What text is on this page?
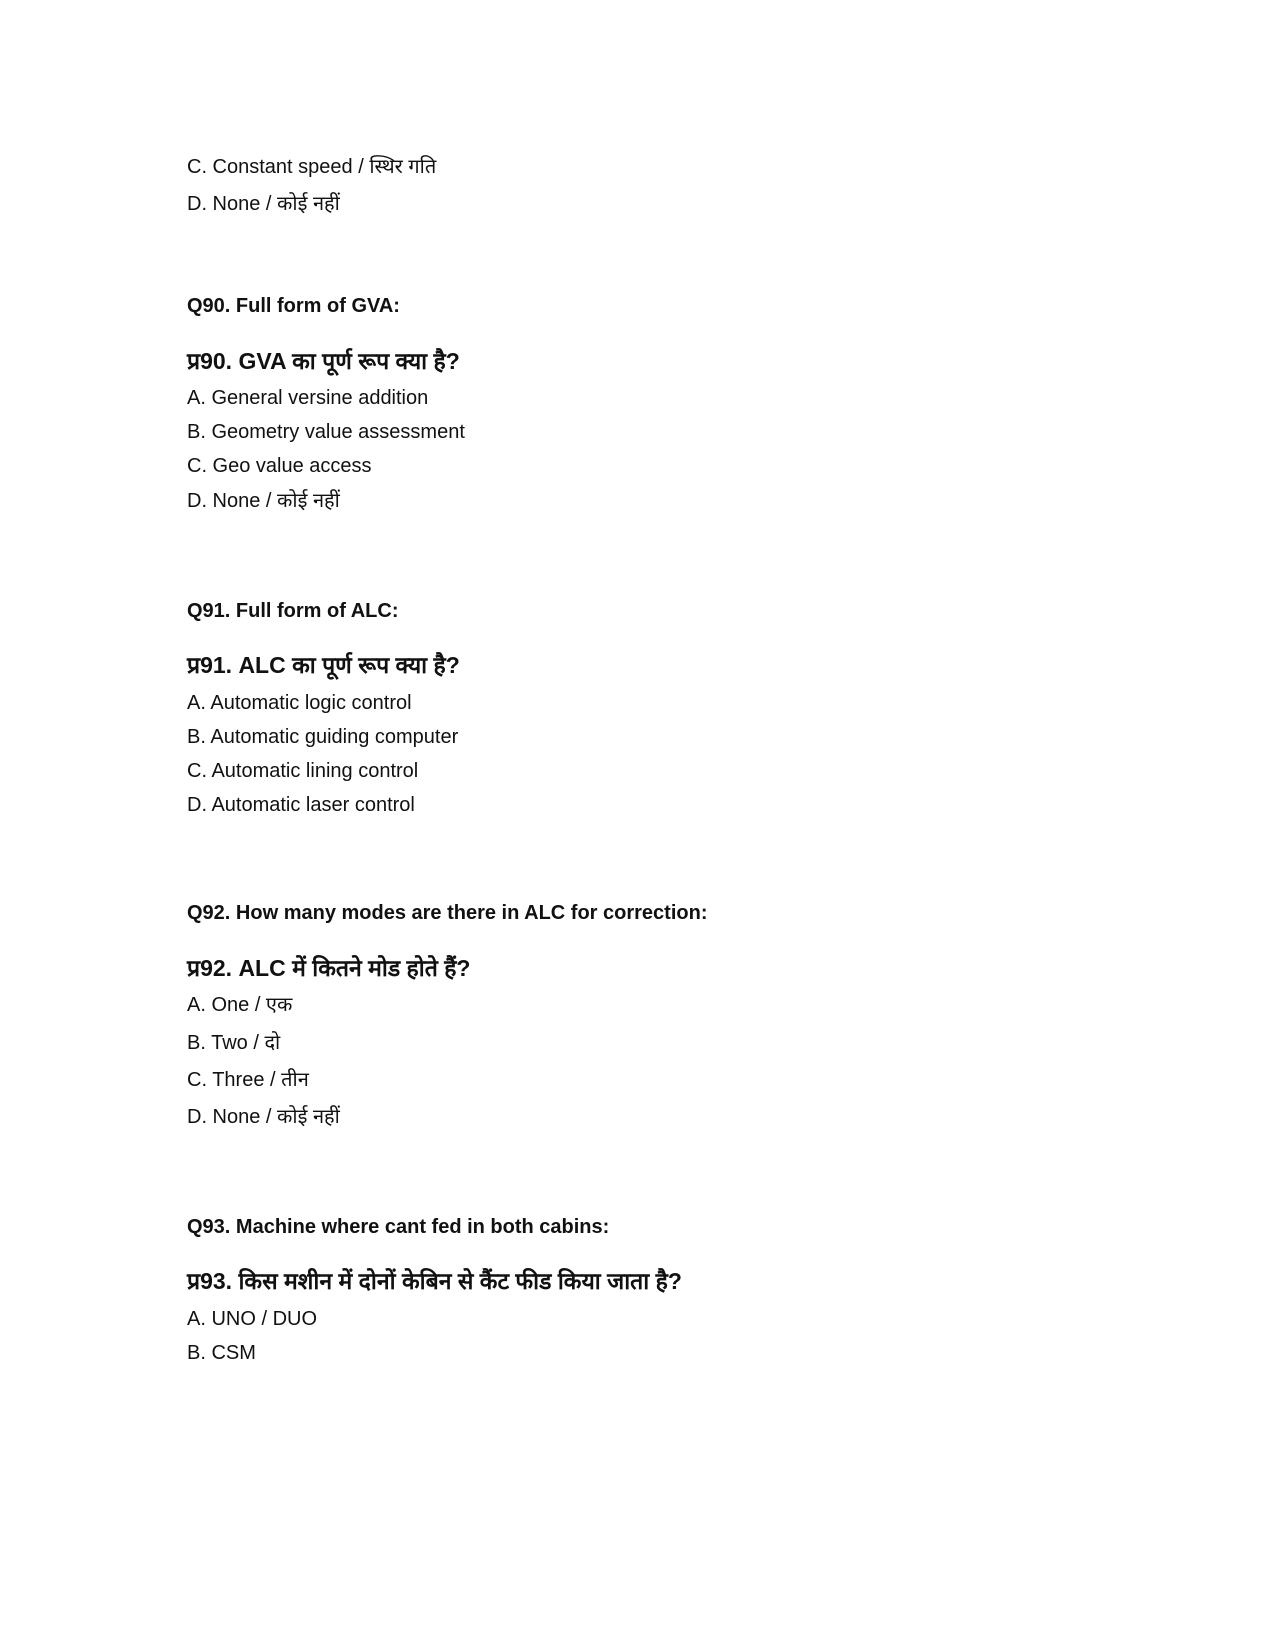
C. Constant speed / स्थिर गति
D. None / कोई नहीं
Q90. Full form of GVA:
प्र90. GVA का पूर्ण रूप क्या है?
A. General versine addition
B. Geometry value assessment
C. Geo value access
D. None / कोई नहीं
Q91. Full form of ALC:
प्र91. ALC का पूर्ण रूप क्या है?
A. Automatic logic control
B. Automatic guiding computer
C. Automatic lining control
D. Automatic laser control
Q92. How many modes are there in ALC for correction:
प्र92. ALC में कितने मोड होते हैं?
A. One / एक
B. Two / दो
C. Three / तीन
D. None / कोई नहीं
Q93. Machine where cant fed in both cabins:
प्र93. किस मशीन में दोनों केबिन से कैंट फीड किया जाता है?
A. UNO / DUO
B. CSM
